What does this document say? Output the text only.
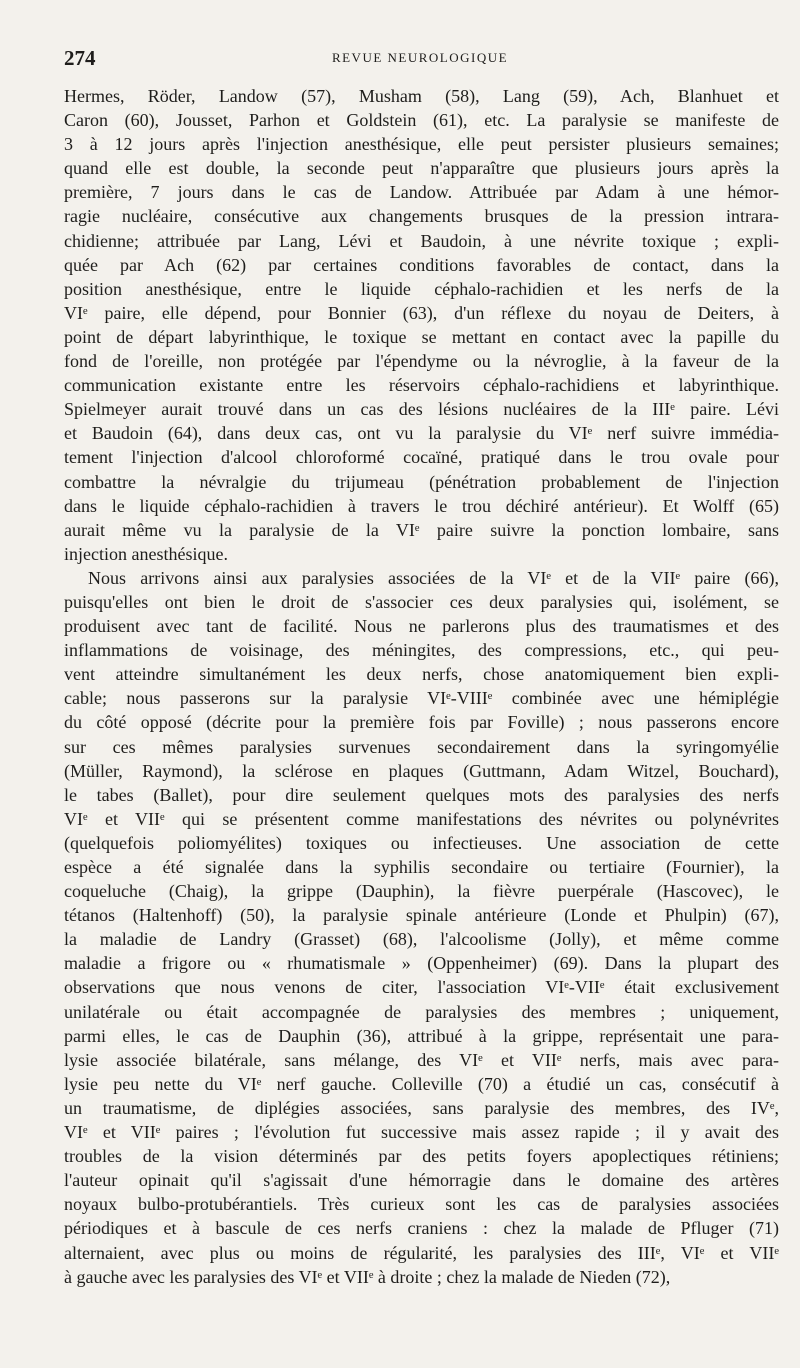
274	REVUE NEUROLOGIQUE
Hermes, Röder, Landow (57), Musham (58), Lang (59), Ach, Blanhuet et
Caron (60), Jousset, Parhon et Goldstein (61), etc. La paralysie se manifeste de
3 à 12 jours après l'injection anesthésique, elle peut persister plusieurs semaines;
quand elle est double, la seconde peut n'apparaître que plusieurs jours après la
première, 7 jours dans le cas de Landow. Attribuée par Adam à une hémor-
ragie nucléaire, consécutive aux changements brusques de la pression intrara-
chidienne; attribuée par Lang, Lévi et Baudoin, à une névrite toxique ; expli-
quée par Ach (62) par certaines conditions favorables de contact, dans la
position anesthésique, entre le liquide céphalo-rachidien et les nerfs de la
VIᵉ paire, elle dépend, pour Bonnier (63), d'un réflexe du noyau de Deiters, à
point de départ labyrinthique, le toxique se mettant en contact avec la papille du
fond de l'oreille, non protégée par l'épendyme ou la névroglie, à la faveur de la
communication existante entre les réservoirs céphalo-rachidiens et labyrinthique.
Spielmeyer aurait trouvé dans un cas des lésions nucléaires de la IIIᵉ paire. Lévi
et Baudoin (64), dans deux cas, ont vu la paralysie du VIᵉ nerf suivre immédia-
tement l'injection d'alcool chloroformé cocaïné, pratiqué dans le trou ovale pour
combattre la névralgie du trijumeau (pénétration probablement de l'injection
dans le liquide céphalo-rachidien à travers le trou déchiré antérieur). Et Wolff (65)
aurait même vu la paralysie de la VIᵉ paire suivre la ponction lombaire, sans
injection anesthésique.
Nous arrivons ainsi aux paralysies associées de la VIᵉ et de la VIIᵉ paire (66),
puisqu'elles ont bien le droit de s'associer ces deux paralysies qui, isolément, se
produisent avec tant de facilité. Nous ne parlerons plus des traumatismes et des
inflammations de voisinage, des méningites, des compressions, etc., qui peu-
vent atteindre simultanément les deux nerfs, chose anatomiquement bien expli-
cable; nous passerons sur la paralysie VIᵉ-VIIIᵉ combinée avec une hémiplégie
du côté opposé (décrite pour la première fois par Foville) ; nous passerons encore
sur ces mêmes paralysies survenues secondairement dans la syringomyélie
(Müller, Raymond), la sclérose en plaques (Guttmann, Adam Witzel, Bouchard),
le tabes (Ballet), pour dire seulement quelques mots des paralysies des nerfs
VIᵉ et VIIᵉ qui se présentent comme manifestations des névrites ou polynévrites
(quelquefois poliomyélites) toxiques ou infectieuses. Une association de cette
espèce a été signalée dans la syphilis secondaire ou tertiaire (Fournier), la
coqueluche (Chaig), la grippe (Dauphin), la fièvre puerpérale (Hascovec), le
tétanos (Haltenhoff) (50), la paralysie spinale antérieure (Londe et Phulpin) (67),
la maladie de Landry (Grasset) (68), l'alcoolisme (Jolly), et même comme
maladie a frigore ou « rhumatismale » (Oppenheimer) (69). Dans la plupart des
observations que nous venons de citer, l'association VIᵉ-VIIᵉ était exclusivement
unilatérale ou était accompagnée de paralysies des membres ; uniquement,
parmi elles, le cas de Dauphin (36), attribué à la grippe, représentait une para-
lysie associée bilatérale, sans mélange, des VIᵉ et VIIᵉ nerfs, mais avec para-
lysie peu nette du VIᵉ nerf gauche. Colleville (70) a étudié un cas, consécutif à
un traumatisme, de diplégies associées, sans paralysie des membres, des IVᵉ,
VIᵉ et VIIᵉ paires ; l'évolution fut successive mais assez rapide ; il y avait des
troubles de la vision déterminés par des petits foyers apoplectiques rétiniens;
l'auteur opinait qu'il s'agissait d'une hémorragie dans le domaine des artères
noyaux bulbo-protubérantiels. Très curieux sont les cas de paralysies associées
périodiques et à bascule de ces nerfs craniens : chez la malade de Pfluger (71)
alternaient, avec plus ou moins de régularité, les paralysies des IIIᵉ, VIᵉ et VIIᵉ
à gauche avec les paralysies des VIᵉ et VIIᵉ à droite ; chez la malade de Nieden (72),
